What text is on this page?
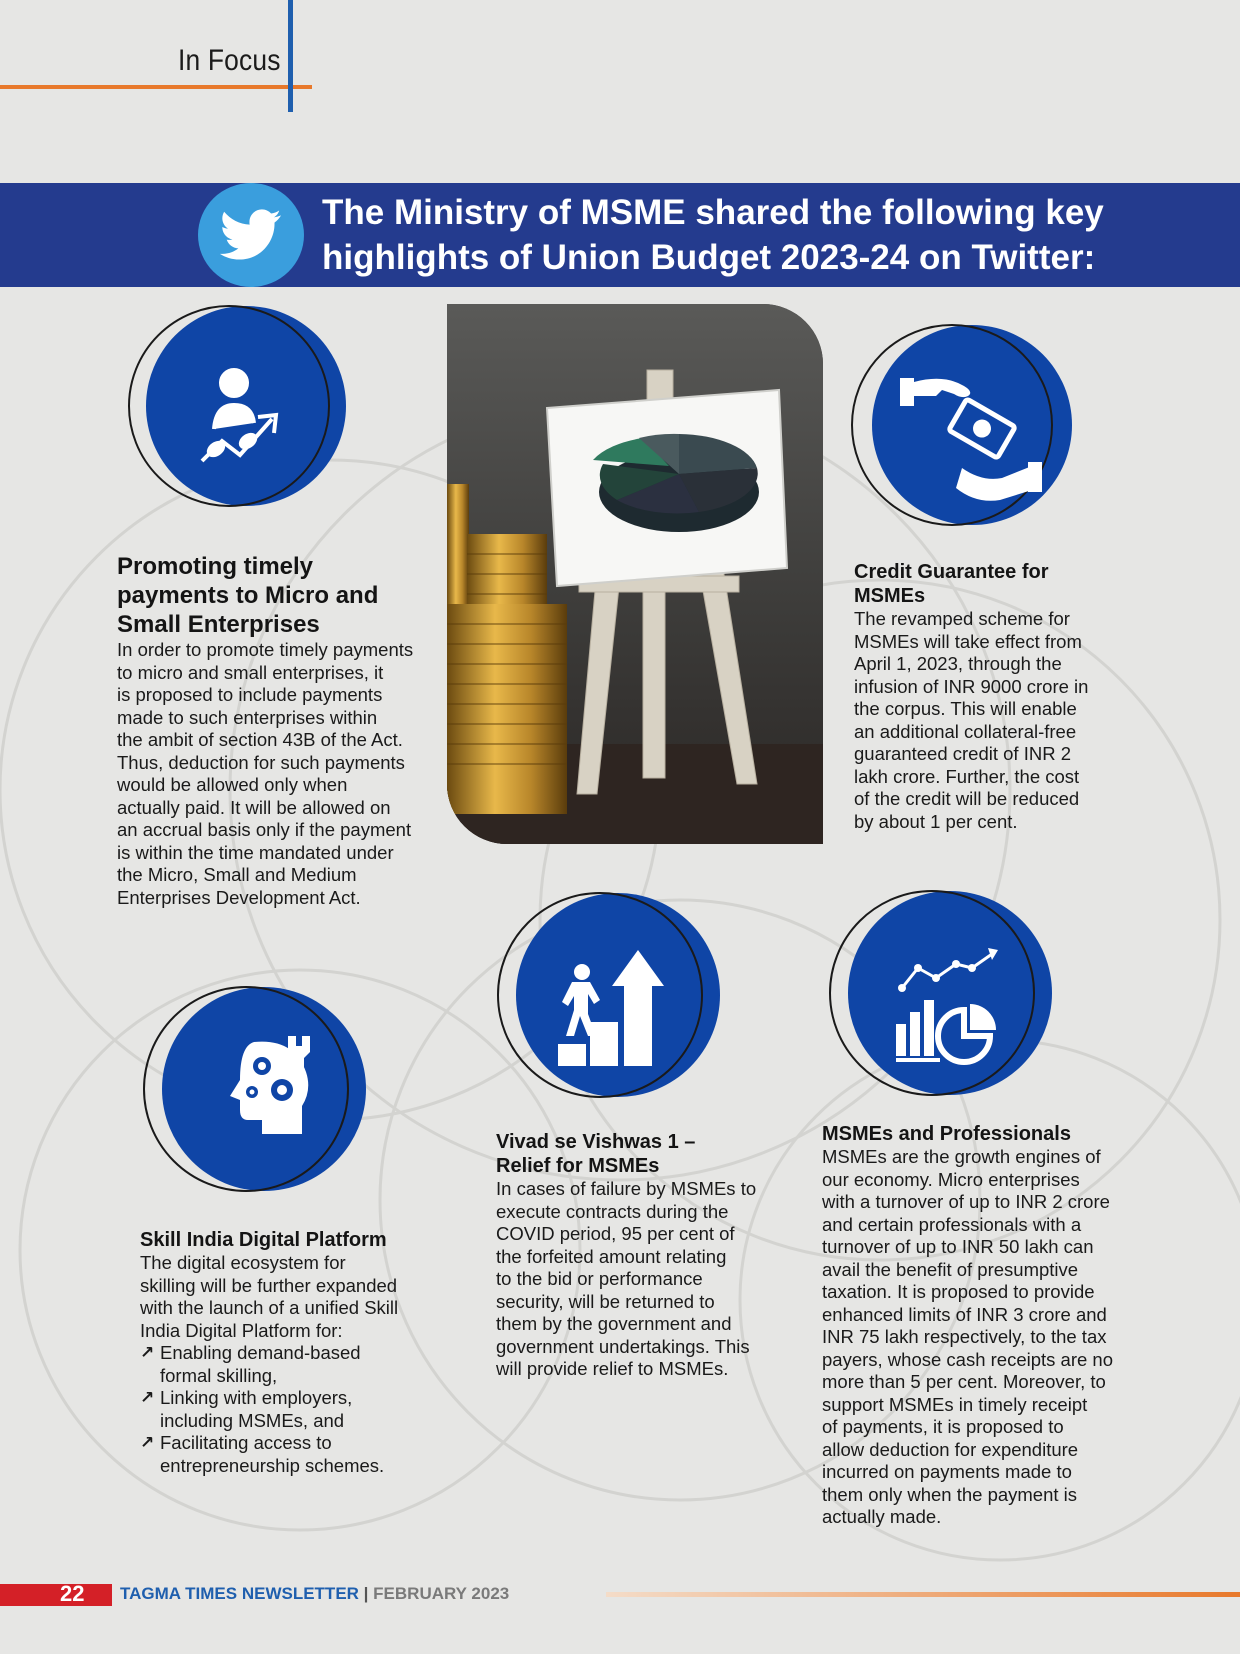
In Focus
The Ministry of MSME shared the following key
highlights of Union Budget 2023-24 on Twitter:
Promoting timely
payments to Micro and
Small Enterprises
In order to promote timely payments
to micro and small enterprises, it
is proposed to include payments
made to such enterprises within
the ambit of section 43B of the Act.
Thus, deduction for such payments
would be allowed only when
actually paid. It will be allowed on
an accrual basis only if the payment
is within the time mandated under
the Micro, Small and Medium
Enterprises Development Act.
Credit Guarantee for
MSMEs
The revamped scheme for
MSMEs will take effect from
April 1, 2023, through the
infusion of INR 9000 crore in
the corpus. This will enable
an additional collateral-free
guaranteed credit of INR 2
lakh crore. Further, the cost
of the credit will be reduced
by about 1 per cent.
Skill India Digital Platform
The digital ecosystem for
skilling will be further expanded
with the launch of a unified Skill
India Digital Platform for:
↗ Enabling demand-based
formal skilling,
↗ Linking with employers,
including MSMEs, and
↗ Facilitating access to
entrepreneurship schemes.
Vivad se Vishwas 1 –
Relief for MSMEs
In cases of failure by MSMEs to
execute contracts during the
COVID period, 95 per cent of
the forfeited amount relating
to the bid or performance
security, will be returned to
them by the government and
government undertakings. This
will provide relief to MSMEs.
MSMEs and Professionals
MSMEs are the growth engines of
our economy. Micro enterprises
with a turnover of up to INR 2 crore
and certain professionals with a
turnover of up to INR 50 lakh can
avail the benefit of presumptive
taxation. It is proposed to provide
enhanced limits of INR 3 crore and
INR 75 lakh respectively, to the tax
payers, whose cash receipts are no
more than 5 per cent. Moreover, to
support MSMEs in timely receipt
of payments, it is proposed to
allow deduction for expenditure
incurred on payments made to
them only when the payment is
actually made.
22 TAGMA TIMES NEWSLETTER | FEBRUARY 2023
